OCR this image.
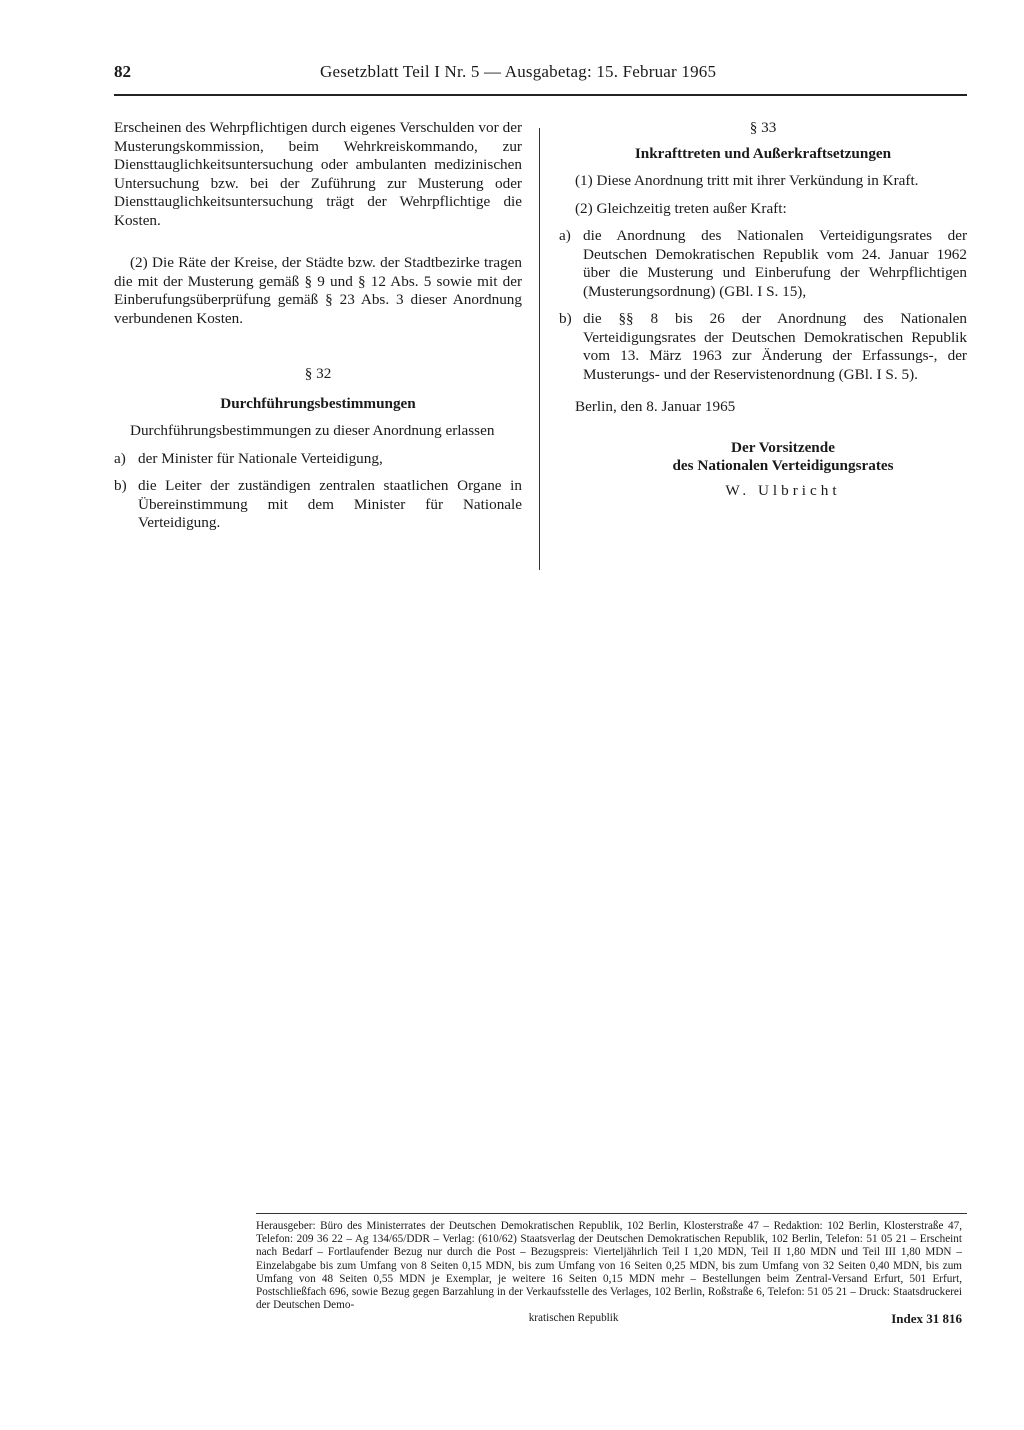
82	Gesetzblatt Teil I Nr. 5 — Ausgabetag: 15. Februar 1965

Erscheinen des Wehrpflichtigen durch eigenes Verschulden vor der Musterungskommission, beim Wehrkreiskommando, zur Diensttauglichkeitsuntersuchung oder ambulanten medizinischen Untersuchung bzw. bei der Zuführung zur Musterung oder Diensttauglichkeitsuntersuchung trägt der Wehrpflichtige die Kosten.

(2) Die Räte der Kreise, der Städte bzw. der Stadtbezirke tragen die mit der Musterung gemäß § 9 und § 12 Abs. 5 sowie mit der Einberufungsüberprüfung gemäß § 23 Abs. 3 dieser Anordnung verbundenen Kosten.

§ 32

Durchführungsbestimmungen

Durchführungsbestimmungen zu dieser Anordnung erlassen

a) der Minister für Nationale Verteidigung,
b) die Leiter der zuständigen zentralen staatlichen Organe in Übereinstimmung mit dem Minister für Nationale Verteidigung.

§ 33

Inkrafttreten und Außerkraftsetzungen

(1) Diese Anordnung tritt mit ihrer Verkündung in Kraft.

(2) Gleichzeitig treten außer Kraft:

a) die Anordnung des Nationalen Verteidigungsrates der Deutschen Demokratischen Republik vom 24. Januar 1962 über die Musterung und Einberufung der Wehrpflichtigen (Musterungsordnung) (GBl. I S. 15),
b) die §§ 8 bis 26 der Anordnung des Nationalen Verteidigungsrates der Deutschen Demokratischen Republik vom 13. März 1963 zur Änderung der Erfassungs-, der Musterungs- und der Reservistenordnung (GBl. I S. 5).

Berlin, den 8. Januar 1965

Der Vorsitzende

des Nationalen Verteidigungsrates

W. Ulbricht

Herausgeber: Büro des Ministerrates der Deutschen Demokratischen Republik, 102 Berlin, Klosterstraße 47 – Redaktion: 102 Berlin, Klosterstraße 47, Telefon: 209 36 22 – Ag 134/65/DDR – Verlag: (610/62) Staatsverlag der Deutschen Demokratischen Republik, 102 Berlin, Telefon: 51 05 21 – Erscheint nach Bedarf – Fortlaufender Bezug nur durch die Post – Bezugspreis: Vierteljährlich Teil I 1,20 MDN, Teil II 1,80 MDN und Teil III 1,80 MDN – Einzelabgabe bis zum Umfang von 8 Seiten 0,15 MDN, bis zum Umfang von 16 Seiten 0,25 MDN, bis zum Umfang von 32 Seiten 0,40 MDN, bis zum Umfang von 48 Seiten 0,55 MDN je Exemplar, je weitere 16 Seiten 0,15 MDN mehr – Bestellungen beim Zentral-Versand Erfurt, 501 Erfurt, Postschließfach 696, sowie Bezug gegen Barzahlung in der Verkaufsstelle des Verlages, 102 Berlin, Roßstraße 6, Telefon: 51 05 21 – Druck: Staatsdruckerei der Deutschen Demo-

kratischen Republik	Index 31 816
